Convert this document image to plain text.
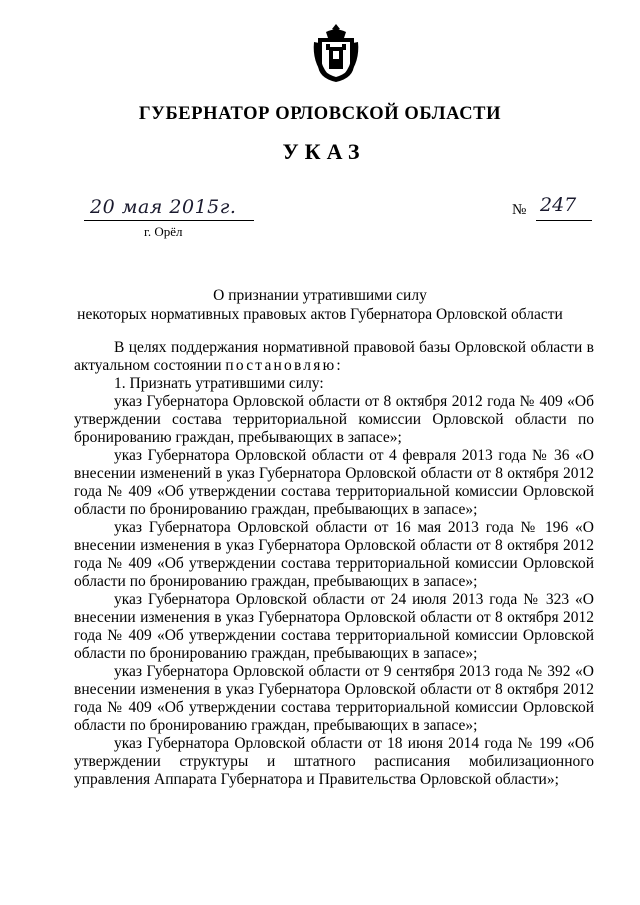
ГУБЕРНАТОР ОРЛОВСКОЙ ОБЛАСТИ
УКАЗ
20 мая 2015г.
г. Орёл
№ 247
О признании утратившими силу
некоторых нормативных правовых актов Губернатора Орловской области

В целях поддержания нормативной правовой базы Орловской области в актуальном состоянии постановляю:

1. Признать утратившими силу:

указ Губернатора Орловской области от 8 октября 2012 года № 409 «Об утверждении состава территориальной комиссии Орловской области по бронированию граждан, пребывающих в запасе»;

указ Губернатора Орловской области от 4 февраля 2013 года № 36 «О внесении изменений в указ Губернатора Орловской области от 8 октября 2012 года № 409 «Об утверждении состава территориальной комиссии Орловской области по бронированию граждан, пребывающих в запасе»;

указ Губернатора Орловской области от 16 мая 2013 года № 196 «О внесении изменения в указ Губернатора Орловской области от 8 октября 2012 года № 409 «Об утверждении состава территориальной комиссии Орловской области по бронированию граждан, пребывающих в запасе»;

указ Губернатора Орловской области от 24 июля 2013 года № 323 «О внесении изменения в указ Губернатора Орловской области от 8 октября 2012 года № 409 «Об утверждении состава территориальной комиссии Орловской области по бронированию граждан, пребывающих в запасе»;

указ Губернатора Орловской области от 9 сентября 2013 года № 392 «О внесении изменения в указ Губернатора Орловской области от 8 октября 2012 года № 409 «Об утверждении состава территориальной комиссии Орловской области по бронированию граждан, пребывающих в запасе»;

указ Губернатора Орловской области от 18 июня 2014 года № 199 «Об утверждении структуры и штатного расписания мобилизационного управления Аппарата Губернатора и Правительства Орловской области»;
